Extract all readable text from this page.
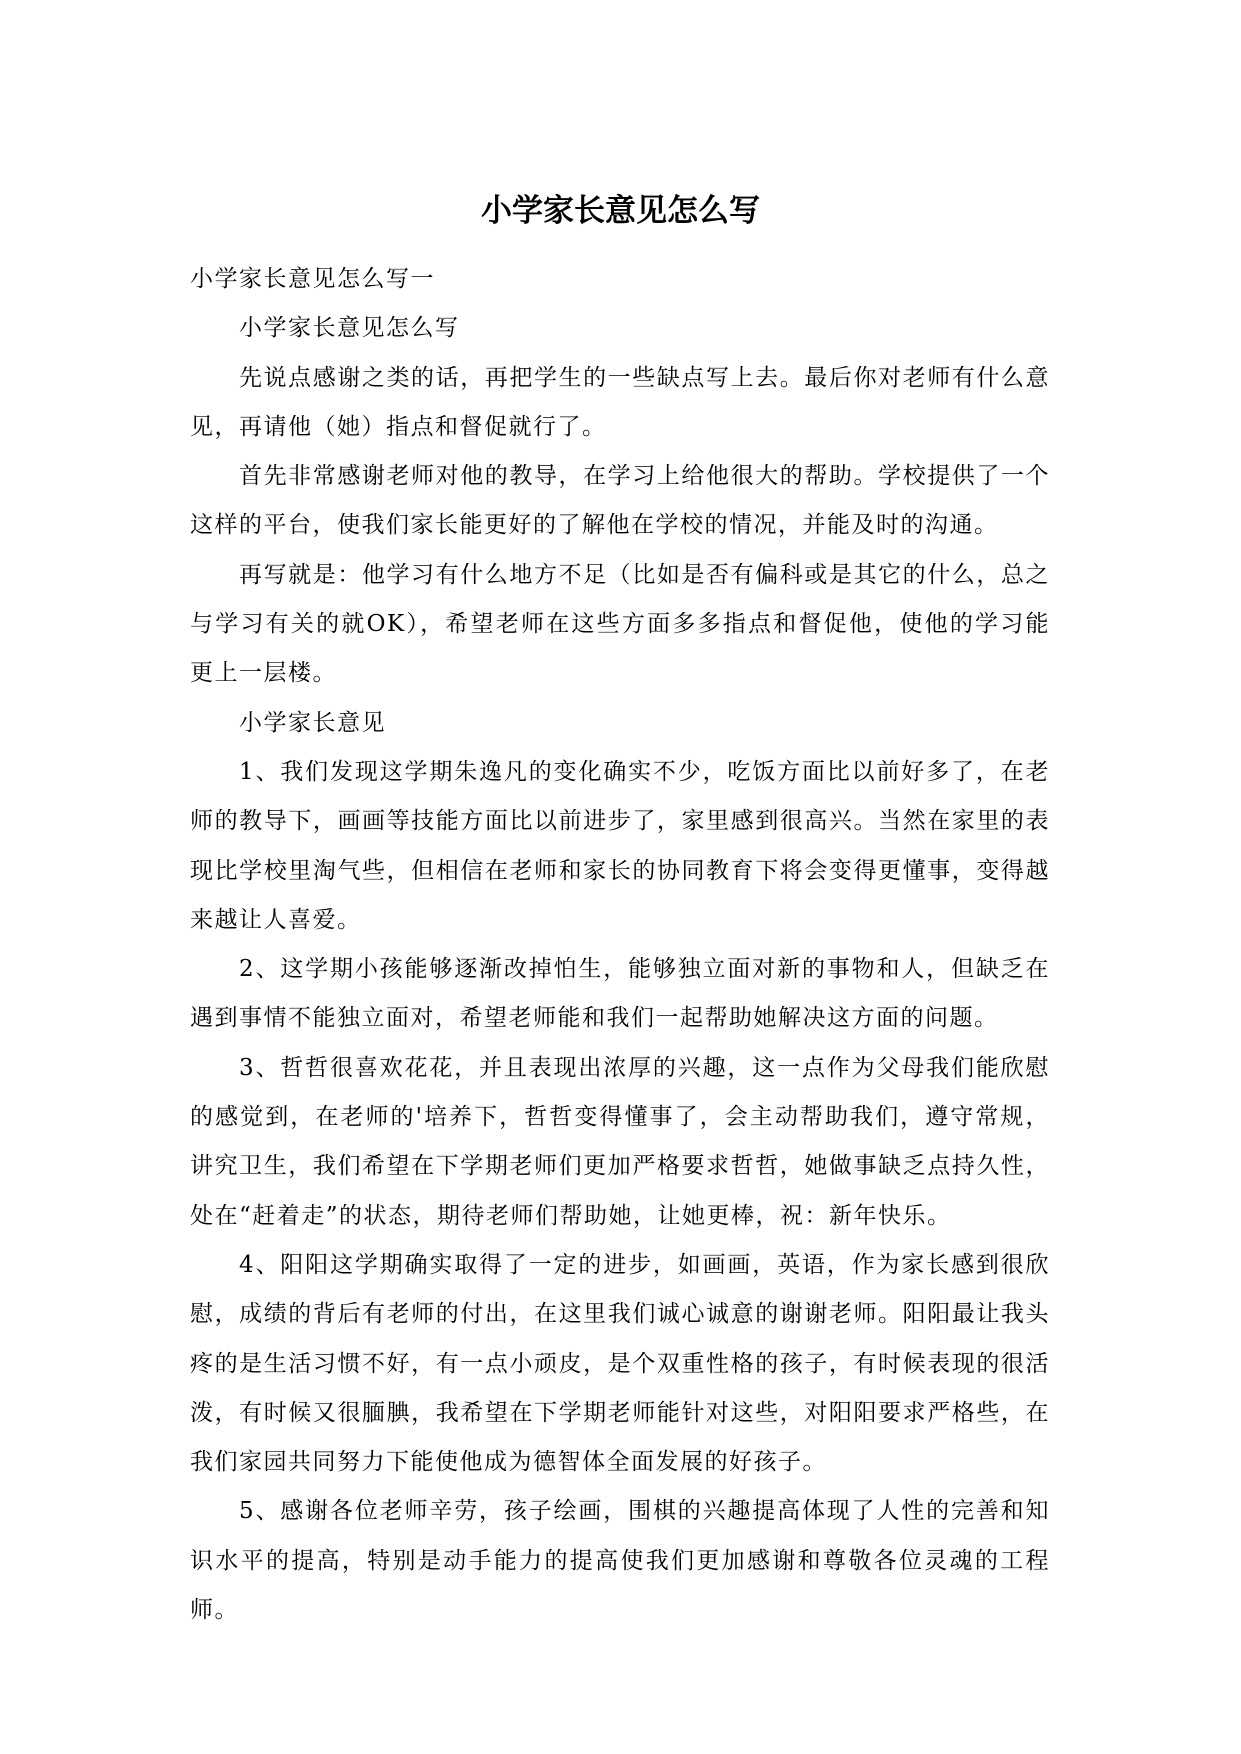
小学家长意见怎么写

小学家长意见怎么写一

小学家长意见怎么写

先说点感谢之类的话，再把学生的一些缺点写上去。最后你对老师有什么意见，再请他（她）指点和督促就行了。

首先非常感谢老师对他的教导，在学习上给他很大的帮助。学校提供了一个这样的平台，使我们家长能更好的了解他在学校的情况，并能及时的沟通。

再写就是：他学习有什么地方不足（比如是否有偏科或是其它的什么，总之与学习有关的就OK），希望老师在这些方面多多指点和督促他，使他的学习能更上一层楼。

小学家长意见

1、我们发现这学期朱逸凡的变化确实不少，吃饭方面比以前好多了，在老师的教导下，画画等技能方面比以前进步了，家里感到很高兴。当然在家里的表现比学校里淘气些，但相信在老师和家长的协同教育下将会变得更懂事，变得越来越让人喜爱。

2、这学期小孩能够逐渐改掉怕生，能够独立面对新的事物和人，但缺乏在遇到事情不能独立面对，希望老师能和我们一起帮助她解决这方面的问题。

3、哲哲很喜欢花花，并且表现出浓厚的兴趣，这一点作为父母我们能欣慰的感觉到，在老师的'培养下，哲哲变得懂事了，会主动帮助我们，遵守常规，讲究卫生，我们希望在下学期老师们更加严格要求哲哲，她做事缺乏点持久性，处在“赶着走”的状态，期待老师们帮助她，让她更棒，祝：新年快乐。

4、阳阳这学期确实取得了一定的进步，如画画，英语，作为家长感到很欣慰，成绩的背后有老师的付出，在这里我们诚心诚意的谢谢老师。阳阳最让我头疼的是生活习惯不好，有一点小顽皮，是个双重性格的孩子，有时候表现的很活泼，有时候又很腼腆，我希望在下学期老师能针对这些，对阳阳要求严格些，在我们家园共同努力下能使他成为德智体全面发展的好孩子。

5、感谢各位老师辛劳，孩子绘画，围棋的兴趣提高体现了人性的完善和知识水平的提高，特别是动手能力的提高使我们更加感谢和尊敬各位灵魂的工程师。
